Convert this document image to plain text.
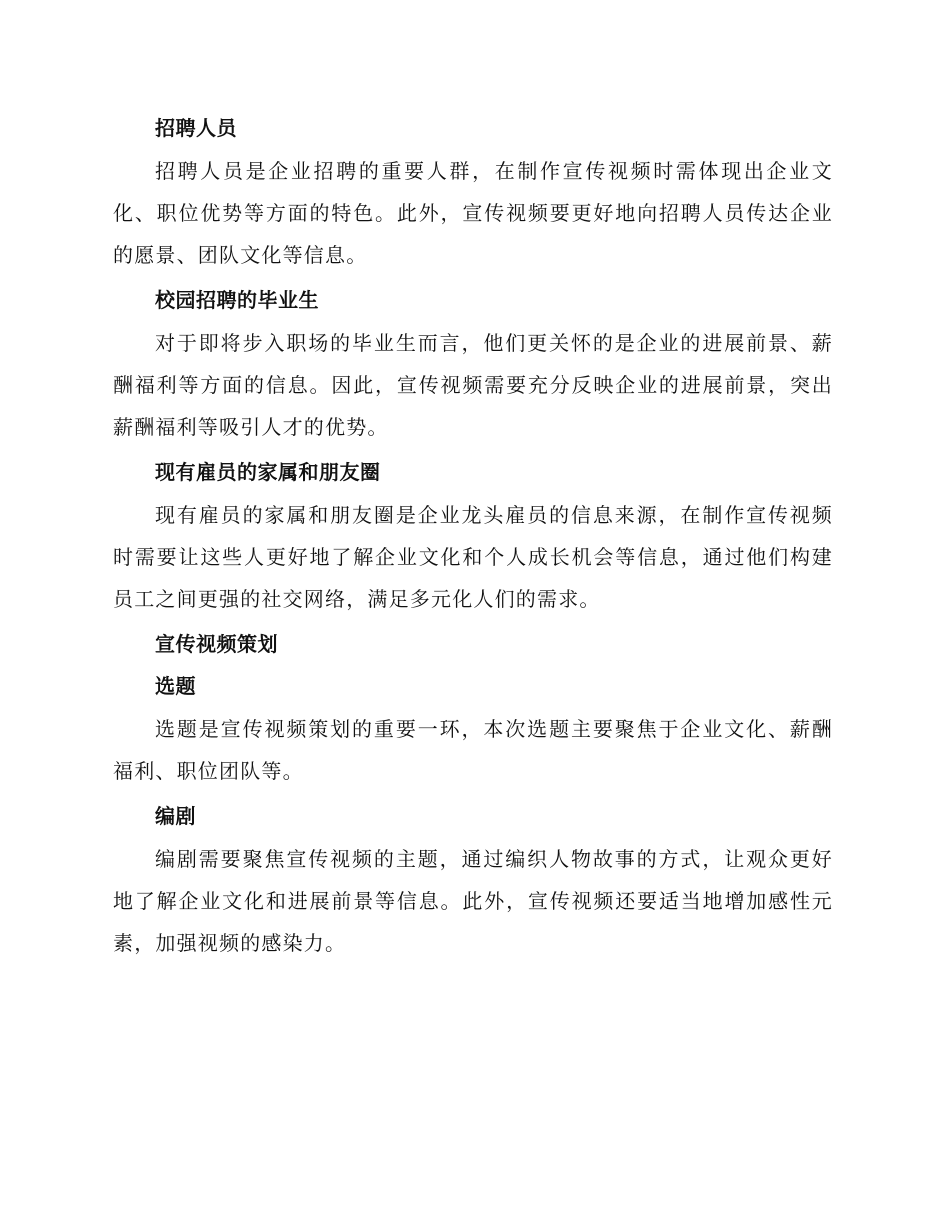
招聘人员

招聘人员是企业招聘的重要人群，在制作宣传视频时需体现出企业文化、职位优势等方面的特色。此外，宣传视频要更好地向招聘人员传达企业的愿景、团队文化等信息。

校园招聘的毕业生

对于即将步入职场的毕业生而言，他们更关怀的是企业的进展前景、薪酬福利等方面的信息。因此，宣传视频需要充分反映企业的进展前景，突出薪酬福利等吸引人才的优势。

现有雇员的家属和朋友圈

现有雇员的家属和朋友圈是企业龙头雇员的信息来源，在制作宣传视频时需要让这些人更好地了解企业文化和个人成长机会等信息，通过他们构建员工之间更强的社交网络，满足多元化人们的需求。

宣传视频策划
选题

选题是宣传视频策划的重要一环，本次选题主要聚焦于企业文化、薪酬福利、职位团队等。

编剧

编剧需要聚焦宣传视频的主题，通过编织人物故事的方式，让观众更好地了解企业文化和进展前景等信息。此外，宣传视频还要适当地增加感性元素，加强视频的感染力。
